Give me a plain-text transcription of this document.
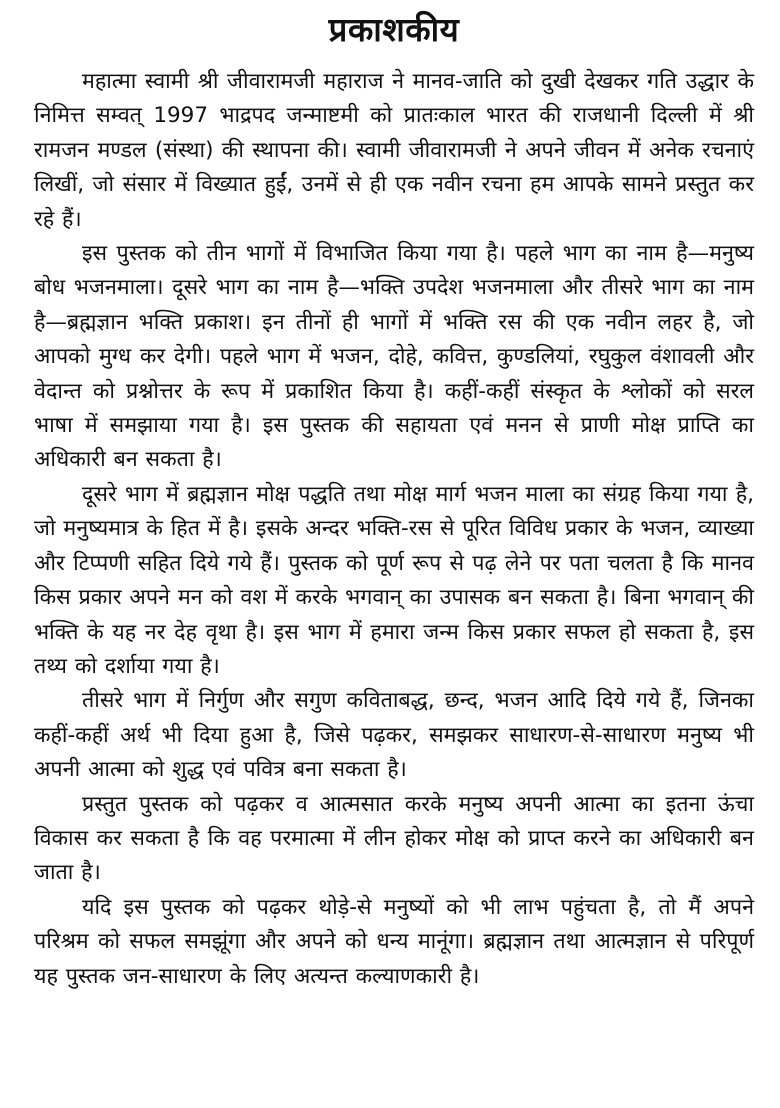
प्रकाशकीय

महात्मा स्वामी श्री जीवारामजी महाराज ने मानव-जाति को दुखी देखकर गति उद्धार के निमित्त सम्वत् 1997 भाद्रपद जन्माष्टमी को प्रातःकाल भारत की राजधानी दिल्ली में श्री रामजन मण्डल (संस्था) की स्थापना की। स्वामी जीवारामजी ने अपने जीवन में अनेक रचनाएं लिखीं, जो संसार में विख्यात हुईं, उनमें से ही एक नवीन रचना हम आपके सामने प्रस्तुत कर रहे हैं।

इस पुस्तक को तीन भागों में विभाजित किया गया है। पहले भाग का नाम है—मनुष्य बोध भजनमाला। दूसरे भाग का नाम है—भक्ति उपदेश भजनमाला और तीसरे भाग का नाम है—ब्रह्मज्ञान भक्ति प्रकाश। इन तीनों ही भागों में भक्ति रस की एक नवीन लहर है, जो आपको मुग्ध कर देगी। पहले भाग में भजन, दोहे, कवित्त, कुण्डलियां, रघुकुल वंशावली और वेदान्त को प्रश्नोत्तर के रूप में प्रकाशित किया है। कहीं-कहीं संस्कृत के श्लोकों को सरल भाषा में समझाया गया है। इस पुस्तक की सहायता एवं मनन से प्राणी मोक्ष प्राप्ति का अधिकारी बन सकता है।

दूसरे भाग में ब्रह्मज्ञान मोक्ष पद्धति तथा मोक्ष मार्ग भजन माला का संग्रह किया गया है, जो मनुष्यमात्र के हित में है। इसके अन्दर भक्ति-रस से पूरित विविध प्रकार के भजन, व्याख्या और टिप्पणी सहित दिये गये हैं। पुस्तक को पूर्ण रूप से पढ़ लेने पर पता चलता है कि मानव किस प्रकार अपने मन को वश में करके भगवान् का उपासक बन सकता है। बिना भगवान् की भक्ति के यह नर देह वृथा है। इस भाग में हमारा जन्म किस प्रकार सफल हो सकता है, इस तथ्य को दर्शाया गया है।

तीसरे भाग में निर्गुण और सगुण कविताबद्ध, छन्द, भजन आदि दिये गये हैं, जिनका कहीं-कहीं अर्थ भी दिया हुआ है, जिसे पढ़कर, समझकर साधारण-से-साधारण मनुष्य भी अपनी आत्मा को शुद्ध एवं पवित्र बना सकता है।

प्रस्तुत पुस्तक को पढ़कर व आत्मसात करके मनुष्य अपनी आत्मा का इतना ऊंचा विकास कर सकता है कि वह परमात्मा में लीन होकर मोक्ष को प्राप्त करने का अधिकारी बन जाता है।

यदि इस पुस्तक को पढ़कर थोड़े-से मनुष्यों को भी लाभ पहुंचता है, तो मैं अपने परिश्रम को सफल समझूंगा और अपने को धन्य मानूंगा। ब्रह्मज्ञान तथा आत्मज्ञान से परिपूर्ण यह पुस्तक जन-साधारण के लिए अत्यन्त कल्याणकारी है।
